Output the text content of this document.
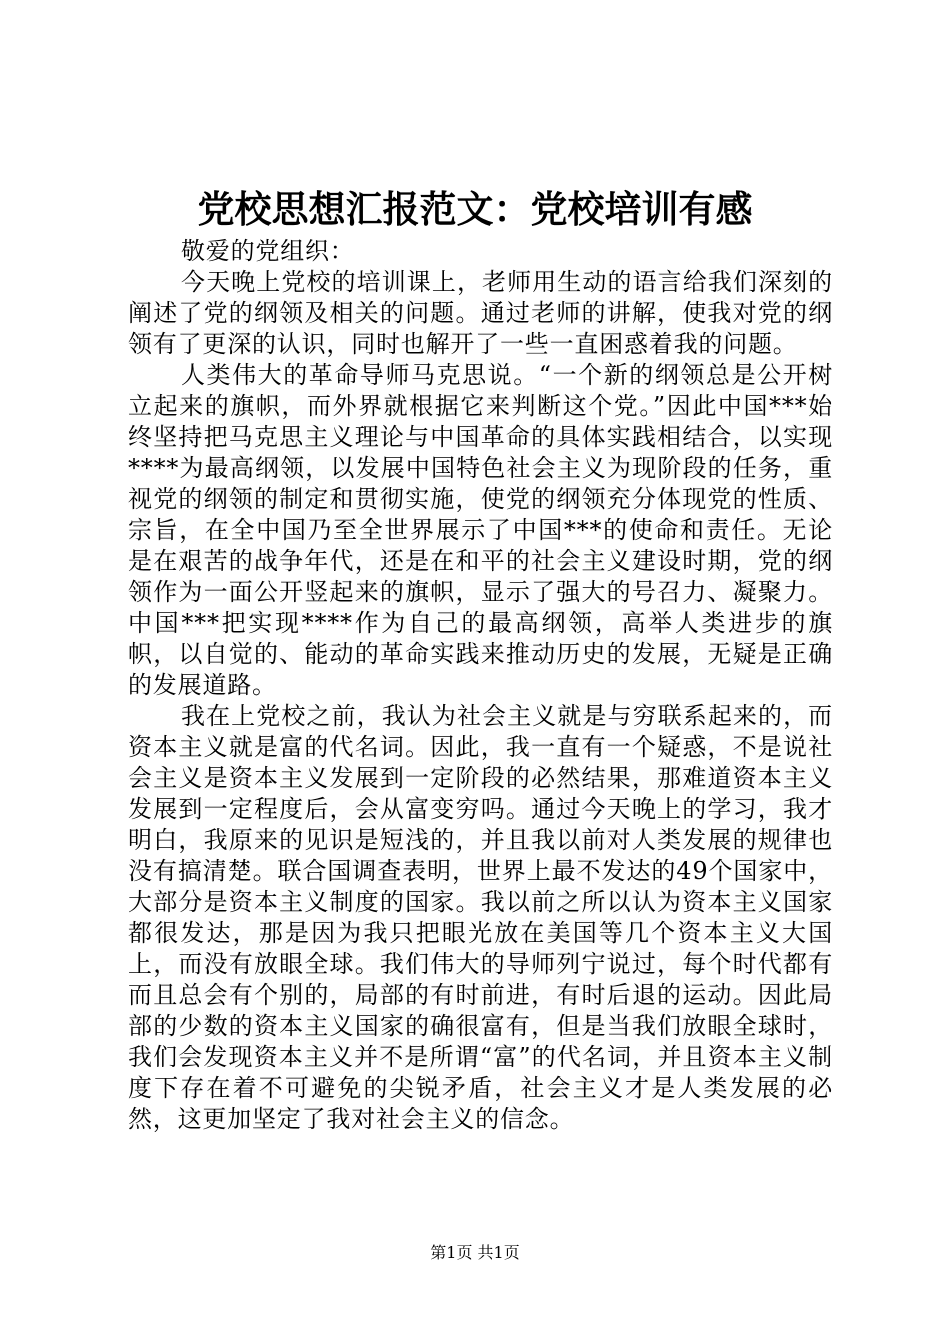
党校思想汇报范文：党校培训有感

敬爱的党组织：

今天晚上党校的培训课上，老师用生动的语言给我们深刻的阐述了党的纲领及相关的问题。通过老师的讲解，使我对党的纲领有了更深的认识，同时也解开了一些一直困惑着我的问题。

人类伟大的革命导师马克思说。“一个新的纲领总是公开树立起来的旗帜，而外界就根据它来判断这个党。”因此中国***始终坚持把马克思主义理论与中国革命的具体实践相结合，以实现****为最高纲领，以发展中国特色社会主义为现阶段的任务，重视党的纲领的制定和贯彻实施，使党的纲领充分体现党的性质、宗旨，在全中国乃至全世界展示了中国***的使命和责任。无论是在艰苦的战争年代，还是在和平的社会主义建设时期，党的纲领作为一面公开竖起来的旗帜，显示了强大的号召力、凝聚力。中国***把实现****作为自己的最高纲领，高举人类进步的旗帜，以自觉的、能动的革命实践来推动历史的发展，无疑是正确的发展道路。

我在上党校之前，我认为社会主义就是与穷联系起来的，而资本主义就是富的代名词。因此，我一直有一个疑惑，不是说社会主义是资本主义发展到一定阶段的必然结果，那难道资本主义发展到一定程度后，会从富变穷吗。通过今天晚上的学习，我才明白，我原来的见识是短浅的，并且我以前对人类发展的规律也没有搞清楚。联合国调查表明，世界上最不发达的49个国家中，大部分是资本主义制度的国家。我以前之所以认为资本主义国家都很发达，那是因为我只把眼光放在美国等几个资本主义大国上，而没有放眼全球。我们伟大的导师列宁说过，每个时代都有而且总会有个别的，局部的有时前进，有时后退的运动。因此局部的少数的资本主义国家的确很富有，但是当我们放眼全球时，我们会发现资本主义并不是所谓“富”的代名词，并且资本主义制度下存在着不可避免的尖锐矛盾，社会主义才是人类发展的必然，这更加坚定了我对社会主义的信念。

第1页 共1页
